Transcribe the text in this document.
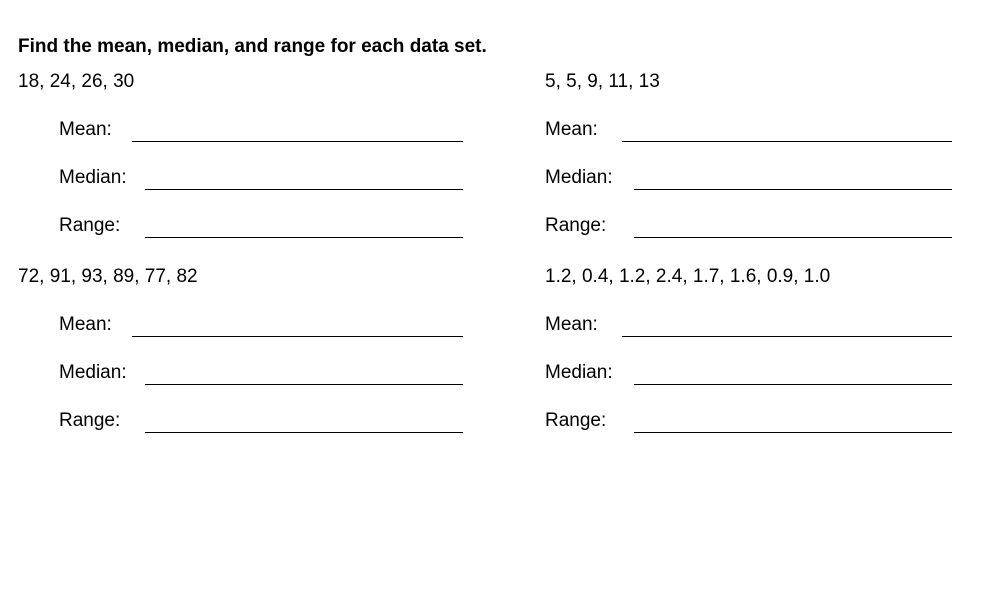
Find the mean, median, and range for each data set.
18, 24, 26, 30
Mean:
Median:
Range:
5, 5, 9, 11, 13
Mean:
Median:
Range:
72, 91, 93, 89, 77, 82
Mean:
Median:
Range:
1.2, 0.4, 1.2, 2.4, 1.7, 1.6, 0.9, 1.0
Mean:
Median:
Range:
